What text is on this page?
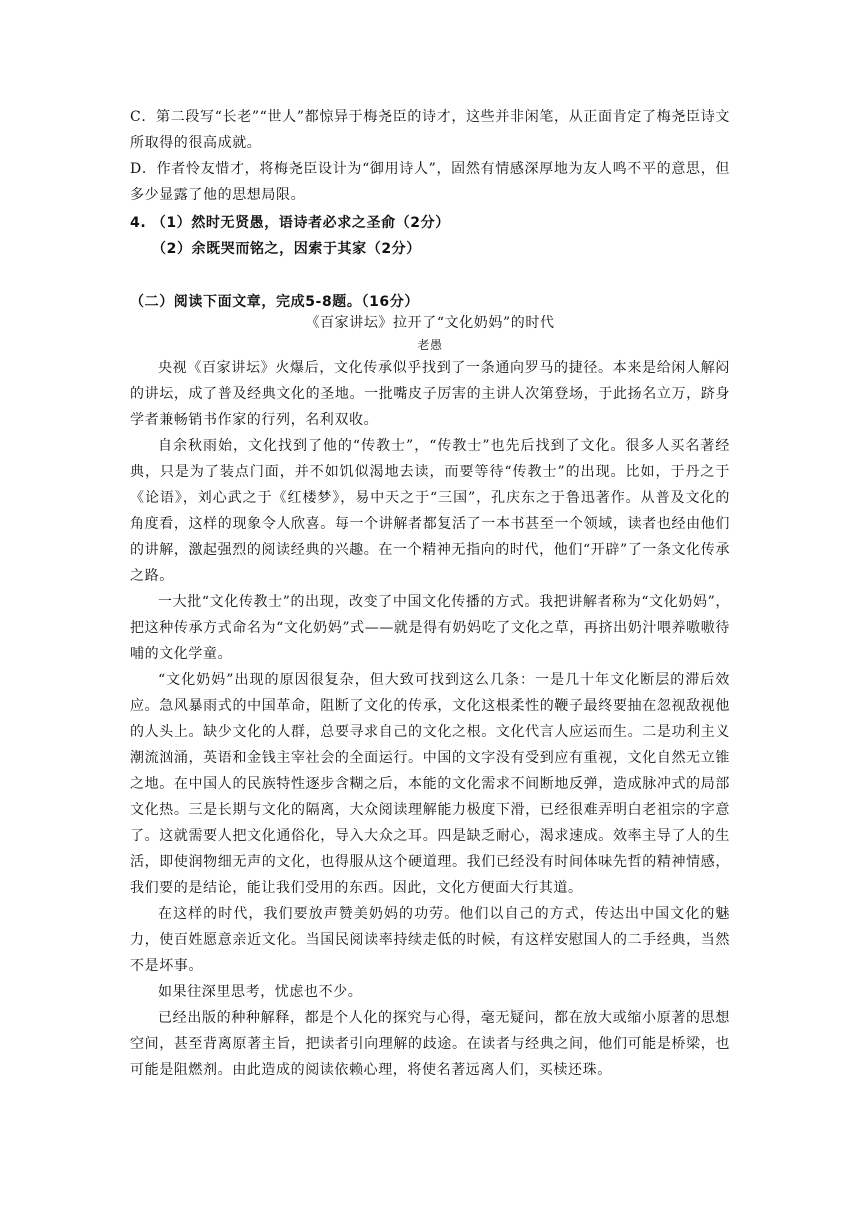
C．第二段写“长老”“世人”都惊异于梅尧臣的诗才，这些并非闲笔，从正面肯定了梅尧臣诗文所取得的很高成就。

D．作者怜友惜才，将梅尧臣设计为“御用诗人”，固然有情感深厚地为友人鸣不平的意思，但多少显露了他的思想局限。

4. （1）然时无贤愚，语诗者必求之圣俞（2分）

（2）余既哭而铭之，因索于其家（2分）

（二）阅读下面文章，完成5-8题。（16分）

《百家讲坛》拉开了“文化奶妈”的时代

老愚

央视《百家讲坛》火爆后，文化传承似乎找到了一条通向罗马的捷径。本来是给闲人解闷的讲坛，成了普及经典文化的圣地。一批嘴皮子厉害的主讲人次第登场，于此扬名立万，跻身学者兼畅销书作家的行列，名利双收。

自余秋雨始，文化找到了他的“传教士”，“传教士”也先后找到了文化。很多人买名著经典，只是为了装点门面，并不如饥似渴地去读，而要等待“传教士”的出现。比如，于丹之于《论语》，刘心武之于《红楼梦》，易中天之于“三国”，孔庆东之于鲁迅著作。从普及文化的角度看，这样的现象令人欣喜。每一个讲解者都复活了一本书甚至一个领域，读者也经由他们的讲解，激起强烈的阅读经典的兴趣。在一个精神无指向的时代，他们“开辟”了一条文化传承之路。

一大批“文化传教士”的出现，改变了中国文化传播的方式。我把讲解者称为“文化奶妈”，把这种传承方式命名为“文化奶妈”式——就是得有奶妈吃了文化之草，再挤出奶汁喂养嗷嗷待哺的文化学童。

“文化奶妈”出现的原因很复杂，但大致可找到这么几条：一是几十年文化断层的滞后效应。急风暴雨式的中国革命，阻断了文化的传承，文化这根柔性的鞭子最终要抽在忽视敌视他的人头上。缺少文化的人群，总要寻求自己的文化之根。文化代言人应运而生。二是功利主义潮流汹涌，英语和金钱主宰社会的全面运行。中国的文字没有受到应有重视，文化自然无立锥之地。在中国人的民族特性逐步含糊之后，本能的文化需求不间断地反弹，造成脉冲式的局部文化热。三是长期与文化的隔离，大众阅读理解能力极度下滑，已经很难弄明白老祖宗的字意了。这就需要人把文化通俗化，导入大众之耳。四是缺乏耐心，渴求速成。效率主导了人的生活，即使润物细无声的文化，也得服从这个硬道理。我们已经没有时间体味先哲的精神情感，我们要的是结论，能让我们受用的东西。因此，文化方便面大行其道。

在这样的时代，我们要放声赞美奶妈的功劳。他们以自己的方式，传达出中国文化的魅力，使百姓愿意亲近文化。当国民阅读率持续走低的时候，有这样安慰国人的二手经典，当然不是坏事。

如果往深里思考，忧虑也不少。

已经出版的种种解释，都是个人化的探究与心得，毫无疑问，都在放大或缩小原著的思想空间，甚至背离原著主旨，把读者引向理解的歧途。在读者与经典之间，他们可能是桥梁，也可能是阻燃剂。由此造成的阅读依赖心理，将使名著远离人们，买椟还珠。
